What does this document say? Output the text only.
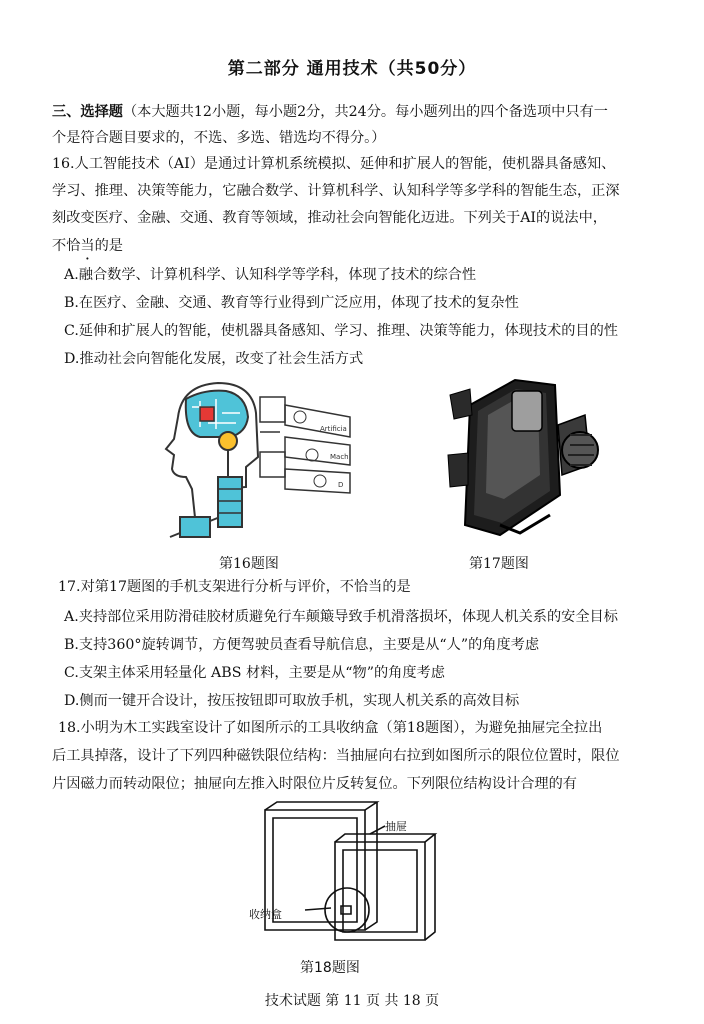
第二部分 通用技术（共50分）
三、选择题（本大题共12小题，每小题2分，共24分。每小题列出的四个备选项中只有一
个是符合题目要求的，不选、多选、错选均不得分。）
16.人工智能技术（AI）是通过计算机系统模拟、延伸和扩展人的智能，使机器具备感知、
学习、推理、决策等能力，它融合数学、计算机科学、认知科学等多学科的智能生态，正深
刻改变医疗、金融、交通、教育等领域，推动社会向智能化迈进。下列关于AI的说法中，
不恰当的是 ·
A.融合数学、计算机科学、认知科学等学科，体现了技术的综合性
B.在医疗、金融、交通、教育等行业得到广泛应用，体现了技术的复杂性
C.延伸和扩展人的智能，使机器具备感知、学习、推理、决策等能力，体现技术的目的性
D.推动社会向智能化发展，改变了社会生活方式
Artificia
Mach
D
第16题图	第17题图
17.对第17题图的手机支架进行分析与评价，不恰当的是
A.夹持部位采用防滑硅胶材质避免行车颠簸导致手机滑落损坏，体现人机关系的安全目标
B.支持360°旋转调节，方便驾驶员查看导航信息，主要是从“人”的角度考虑
C.支架主体采用轻量化 ABS 材料，主要是从“物”的角度考虑
D.侧而一键开合设计，按压按钮即可取放手机，实现人机关系的高效目标
18.小明为木工实践室设计了如图所示的工具收纳盒（第18题图），为避免抽屉完全拉出
后工具掉落，设计了下列四种磁铁限位结构：当抽屉向右拉到如图所示的限位位置时，限位
片因磁力而转动限位；抽屉向左推入时限位片反转复位。下列限位结构设计合理的有
抽屉
收纳盒
第18题图
技术试题 第 11 页 共 18 页
